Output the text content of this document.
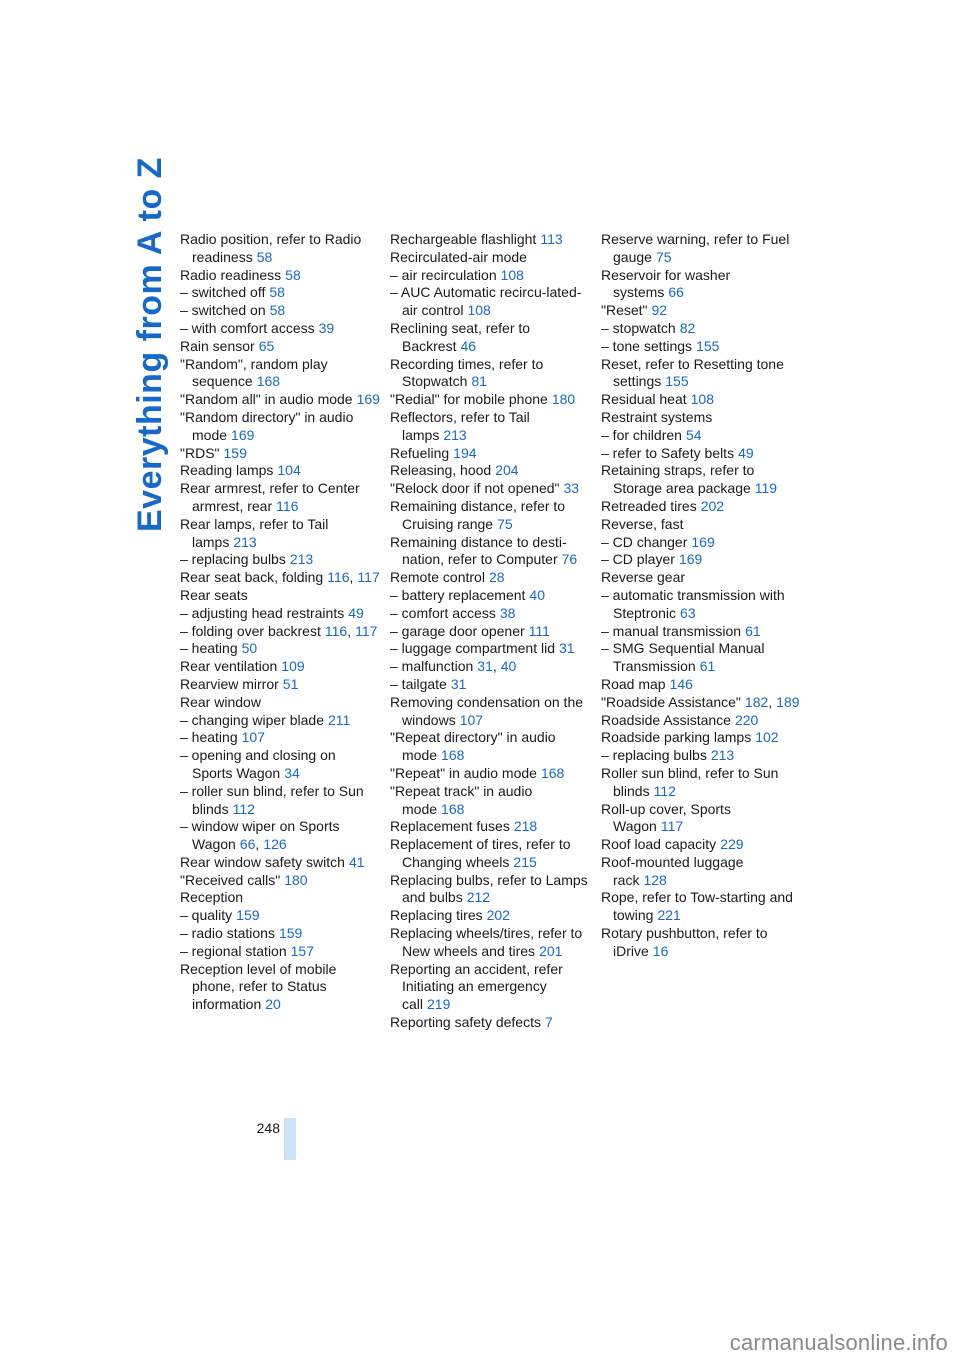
Everything from A to Z Radio position, refer to Radio readiness 58
Radio readiness 58
– switched off 58
– switched on 58
– with comfort access 39
Rain sensor 65
"Random", random play sequence 168
"Random all" in audio mode 169
"Random directory" in audio mode 169
"RDS" 159
Reading lamps 104
Rear armrest, refer to Center armrest, rear 116
Rear lamps, refer to Tail lamps 213
– replacing bulbs 213
Rear seat back, folding 116, 117
Rear seats
– adjusting head restraints 49
– folding over backrest 116, 117
– heating 50
Rear ventilation 109
Rearview mirror 51
Rear window
– changing wiper blade 211
– heating 107
– opening and closing on Sports Wagon 34
– roller sun blind, refer to Sun blinds 112
– window wiper on Sports Wagon 66, 126
Rear window safety switch 41
"Received calls" 180
Reception
– quality 159
– radio stations 159
– regional station 157
Reception level of mobile phone, refer to Status information 20
Rechargeable flashlight 113
Recirculated-air mode
– air recirculation 108
– AUC Automatic recircu-lated-air control 108
Reclining seat, refer to Backrest 46
Recording times, refer to Stopwatch 81
"Redial" for mobile phone 180
Reflectors, refer to Tail lamps 213
Refueling 194
Releasing, hood 204
"Relock door if not opened" 33
Remaining distance, refer to Cruising range 75
Remaining distance to desti-nation, refer to Computer 76
Remote control 28
– battery replacement 40
– comfort access 38
– garage door opener 111
– luggage compartment lid 31
– malfunction 31, 40
– tailgate 31
Removing condensation on the windows 107
"Repeat directory" in audio mode 168
"Repeat" in audio mode 168
"Repeat track" in audio mode 168
Replacement fuses 218
Replacement of tires, refer to Changing wheels 215
Replacing bulbs, refer to Lamps and bulbs 212
Replacing tires 202
Replacing wheels/tires, refer to New wheels and tires 201
Reporting an accident, refer Initiating an emergency call 219
Reporting safety defects 7
Reserve warning, refer to Fuel gauge 75
Reservoir for washer systems 66
"Reset" 92
– stopwatch 82
– tone settings 155
Reset, refer to Resetting tone settings 155
Residual heat 108
Restraint systems
– for children 54
– refer to Safety belts 49
Retaining straps, refer to Storage area package 119
Retreaded tires 202
Reverse, fast
– CD changer 169
– CD player 169
Reverse gear
– automatic transmission with Steptronic 63
– manual transmission 61
– SMG Sequential Manual Transmission 61
Road map 146
"Roadside Assistance" 182, 189
Roadside Assistance 220
Roadside parking lamps 102
– replacing bulbs 213
Roller sun blind, refer to Sun blinds 112
Roll-up cover, Sports Wagon 117
Roof load capacity 229
Roof-mounted luggage rack 128
Rope, refer to Tow-starting and towing 221
Rotary pushbutton, refer to iDrive 16
248
carmanualsonline.info
